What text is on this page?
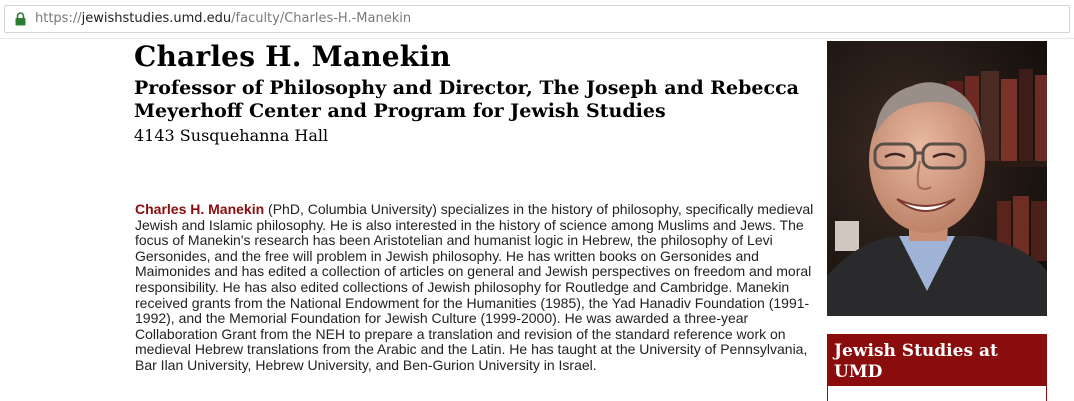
https://jewishstudies.umd.edu/faculty/Charles-H.-Manekin
Charles H. Manekin
Professor of Philosophy and Director, The Joseph and Rebecca Meyerhoff Center and Program for Jewish Studies
4143 Susquehanna Hall
Charles H. Manekin (PhD, Columbia University) specializes in the history of philosophy, specifically medieval Jewish and Islamic philosophy. He is also interested in the history of science among Muslims and Jews. The focus of Manekin's research has been Aristotelian and humanist logic in Hebrew, the philosophy of Levi Gersonides, and the free will problem in Jewish philosophy. He has written books on Gersonides and Maimonides and has edited a collection of articles on general and Jewish perspectives on freedom and moral responsibility. He has also edited collections of Jewish philosophy for Routledge and Cambridge. Manekin received grants from the National Endowment for the Humanities (1985), the Yad Hanadiv Foundation (1991-1992), and the Memorial Foundation for Jewish Culture (1999-2000). He was awarded a three-year Collaboration Grant from the NEH to prepare a translation and revision of the standard reference work on medieval Hebrew translations from the Arabic and the Latin. He has taught at the University of Pennsylvania, Bar Ilan University, Hebrew University, and Ben-Gurion University in Israel.
Jewish Studies at UMD
